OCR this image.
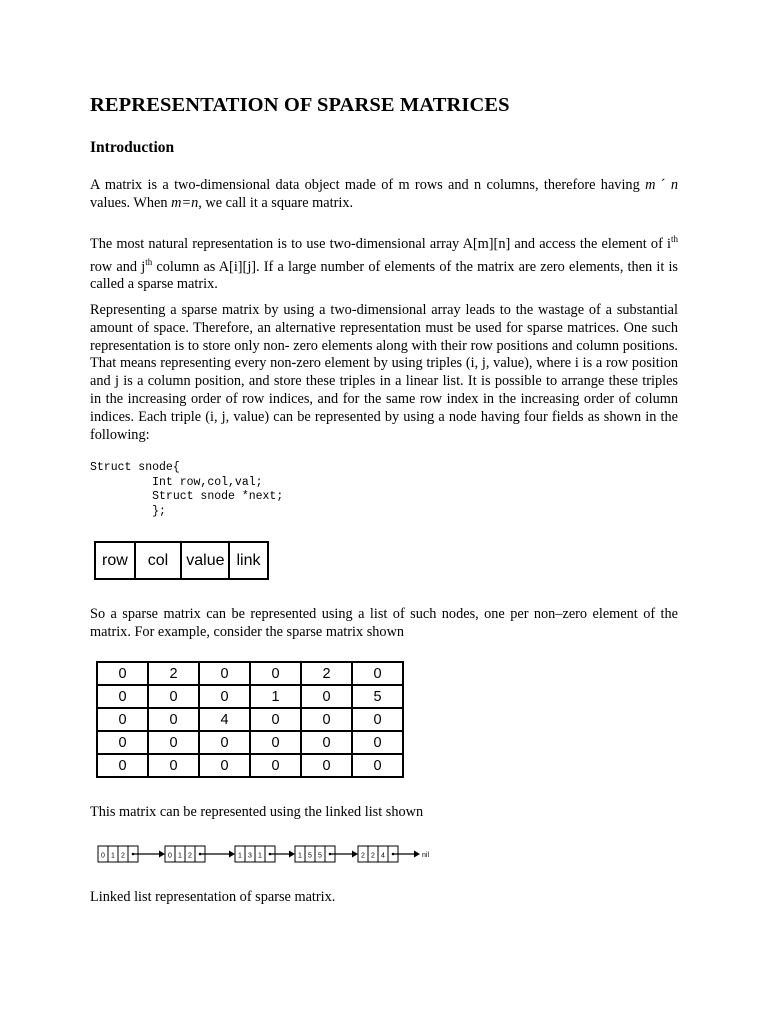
REPRESENTATION OF SPARSE MATRICES
Introduction

A matrix is a two-dimensional data object made of m rows and n columns, therefore having m ´ n values. When m=n, we call it a square matrix.

The most natural representation is to use two-dimensional array A[m][n] and access the element of $i^{th}$ row and $j^{th}$ column as A[i][j]. If a large number of elements of the matrix are zero elements, then it is called a sparse matrix.

Representing a sparse matrix by using a two-dimensional array leads to the wastage of a substantial amount of space. Therefore, an alternative representation must be used for sparse matrices. One such representation is to store only non- zero elements along with their row positions and column positions. That means representing every non-zero element by using triples (i, j, value), where i is a row position and j is a column position, and store these triples in a linear list. It is possible to arrange these triples in the increasing order of row indices, and for the same row index in the increasing order of column indices. Each triple (i, j, value) can be represented by using a node having four fields as shown in the following:

Struct snode{
Int row,col,val;
Struct snode *next;
};
row	col	value	link

So a sparse matrix can be represented using a list of such nodes, one per non–zero element of the matrix. For example, consider the sparse matrix shown

0	2	0	0	2	0
0	0	0	1	0	5
0	0	4	0	0	0
0	0	0	0	0	0
0	0	0	0	0	0

This matrix can be represented using the linked list shown

0 1 2	0 1 2	1 3 1	1 5 5	2 2 4	nil

Linked list representation of sparse matrix.
